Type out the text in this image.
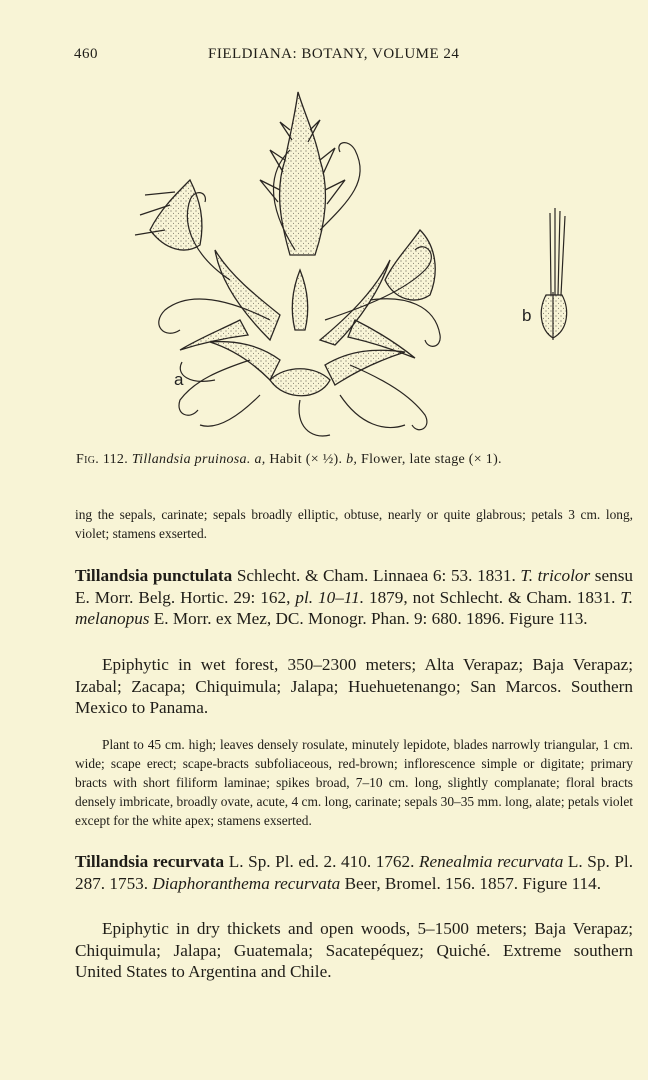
460	FIELDIANA: BOTANY, VOLUME 24
a
b
Fig. 112. Tillandsia pruinosa. a, Habit (× ½). b, Flower, late stage (× 1).

ing the sepals, carinate; sepals broadly elliptic, obtuse, nearly or quite glabrous; petals 3 cm. long, violet; stamens exserted.

Tillandsia punctulata Schlecht. & Cham. Linnaea 6: 53. 1831. T. tricolor sensu E. Morr. Belg. Hortic. 29: 162, pl. 10–11. 1879, not Schlecht. & Cham. 1831. T. melanopus E. Morr. ex Mez, DC. Monogr. Phan. 9: 680. 1896. Figure 113.

Epiphytic in wet forest, 350–2300 meters; Alta Verapaz; Baja Verapaz; Izabal; Zacapa; Chiquimula; Jalapa; Huehuetenango; San Marcos. Southern Mexico to Panama.

Plant to 45 cm. high; leaves densely rosulate, minutely lepidote, blades narrowly triangular, 1 cm. wide; scape erect; scape-bracts subfoliaceous, red-brown; inflorescence simple or digitate; primary bracts with short filiform laminae; spikes broad, 7–10 cm. long, slightly complanate; floral bracts densely imbricate, broadly ovate, acute, 4 cm. long, carinate; sepals 30–35 mm. long, alate; petals violet except for the white apex; stamens exserted.

Tillandsia recurvata L. Sp. Pl. ed. 2. 410. 1762. Renealmia recurvata L. Sp. Pl. 287. 1753. Diaphoranthema recurvata Beer, Bromel. 156. 1857. Figure 114.

Epiphytic in dry thickets and open woods, 5–1500 meters; Baja Verapaz; Chiquimula; Jalapa; Guatemala; Sacatepéquez; Quiché. Extreme southern United States to Argentina and Chile.
